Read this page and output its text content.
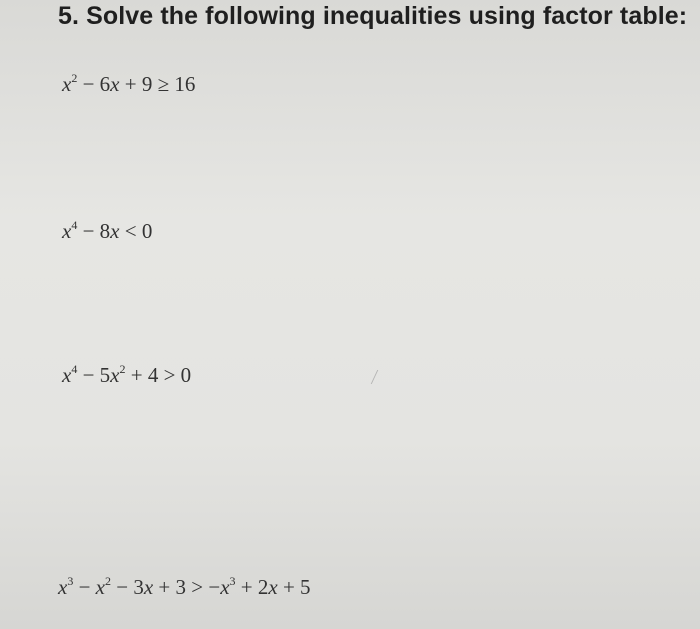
5. Solve the following inequalities using factor table:
$x^2 - 6x + 9 \ge 16$
$x^4 - 8x < 0$
$x^4 - 5x^2 + 4 > 0$
$x^3 - x^2 - 3x + 3 > -x^3 + 2x + 5$
